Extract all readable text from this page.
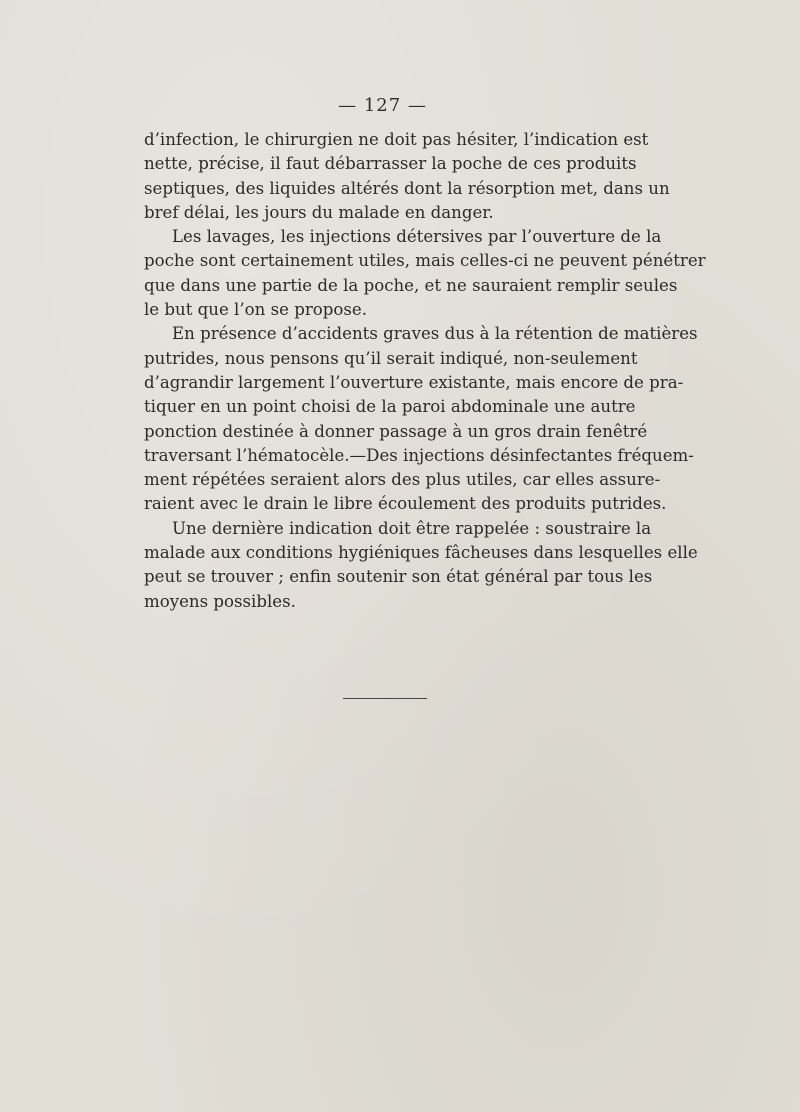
— 127 —

d’infection, le chirurgien ne doit pas hésiter, l’indication est
nette, précise, il faut débarrasser la poche de ces produits
septiques, des liquides altérés dont la résorption met, dans un
bref délai, les jours du malade en danger.

Les lavages, les injections détersives par l’ouverture de la
poche sont certainement utiles, mais celles-ci ne peuvent pénétrer
que dans une partie de la poche, et ne sauraient remplir seules
le but que l’on se propose.

En présence d’accidents graves dus à la rétention de matières
putrides, nous pensons qu’il serait indiqué, non-seulement
d’agrandir largement l’ouverture existante, mais encore de pra-
tiquer en un point choisi de la paroi abdominale une autre
ponction destinée à donner passage à un gros drain fenêtré
traversant l’hématocèle.—Des injections désinfectantes fréquem-
ment répétées seraient alors des plus utiles, car elles assure-
raient avec le drain le libre écoulement des produits putrides.

Une dernière indication doit être rappelée : soustraire la
malade aux conditions hygiéniques fâcheuses dans lesquelles elle
peut se trouver ; enfin soutenir son état général par tous les
moyens possibles.
